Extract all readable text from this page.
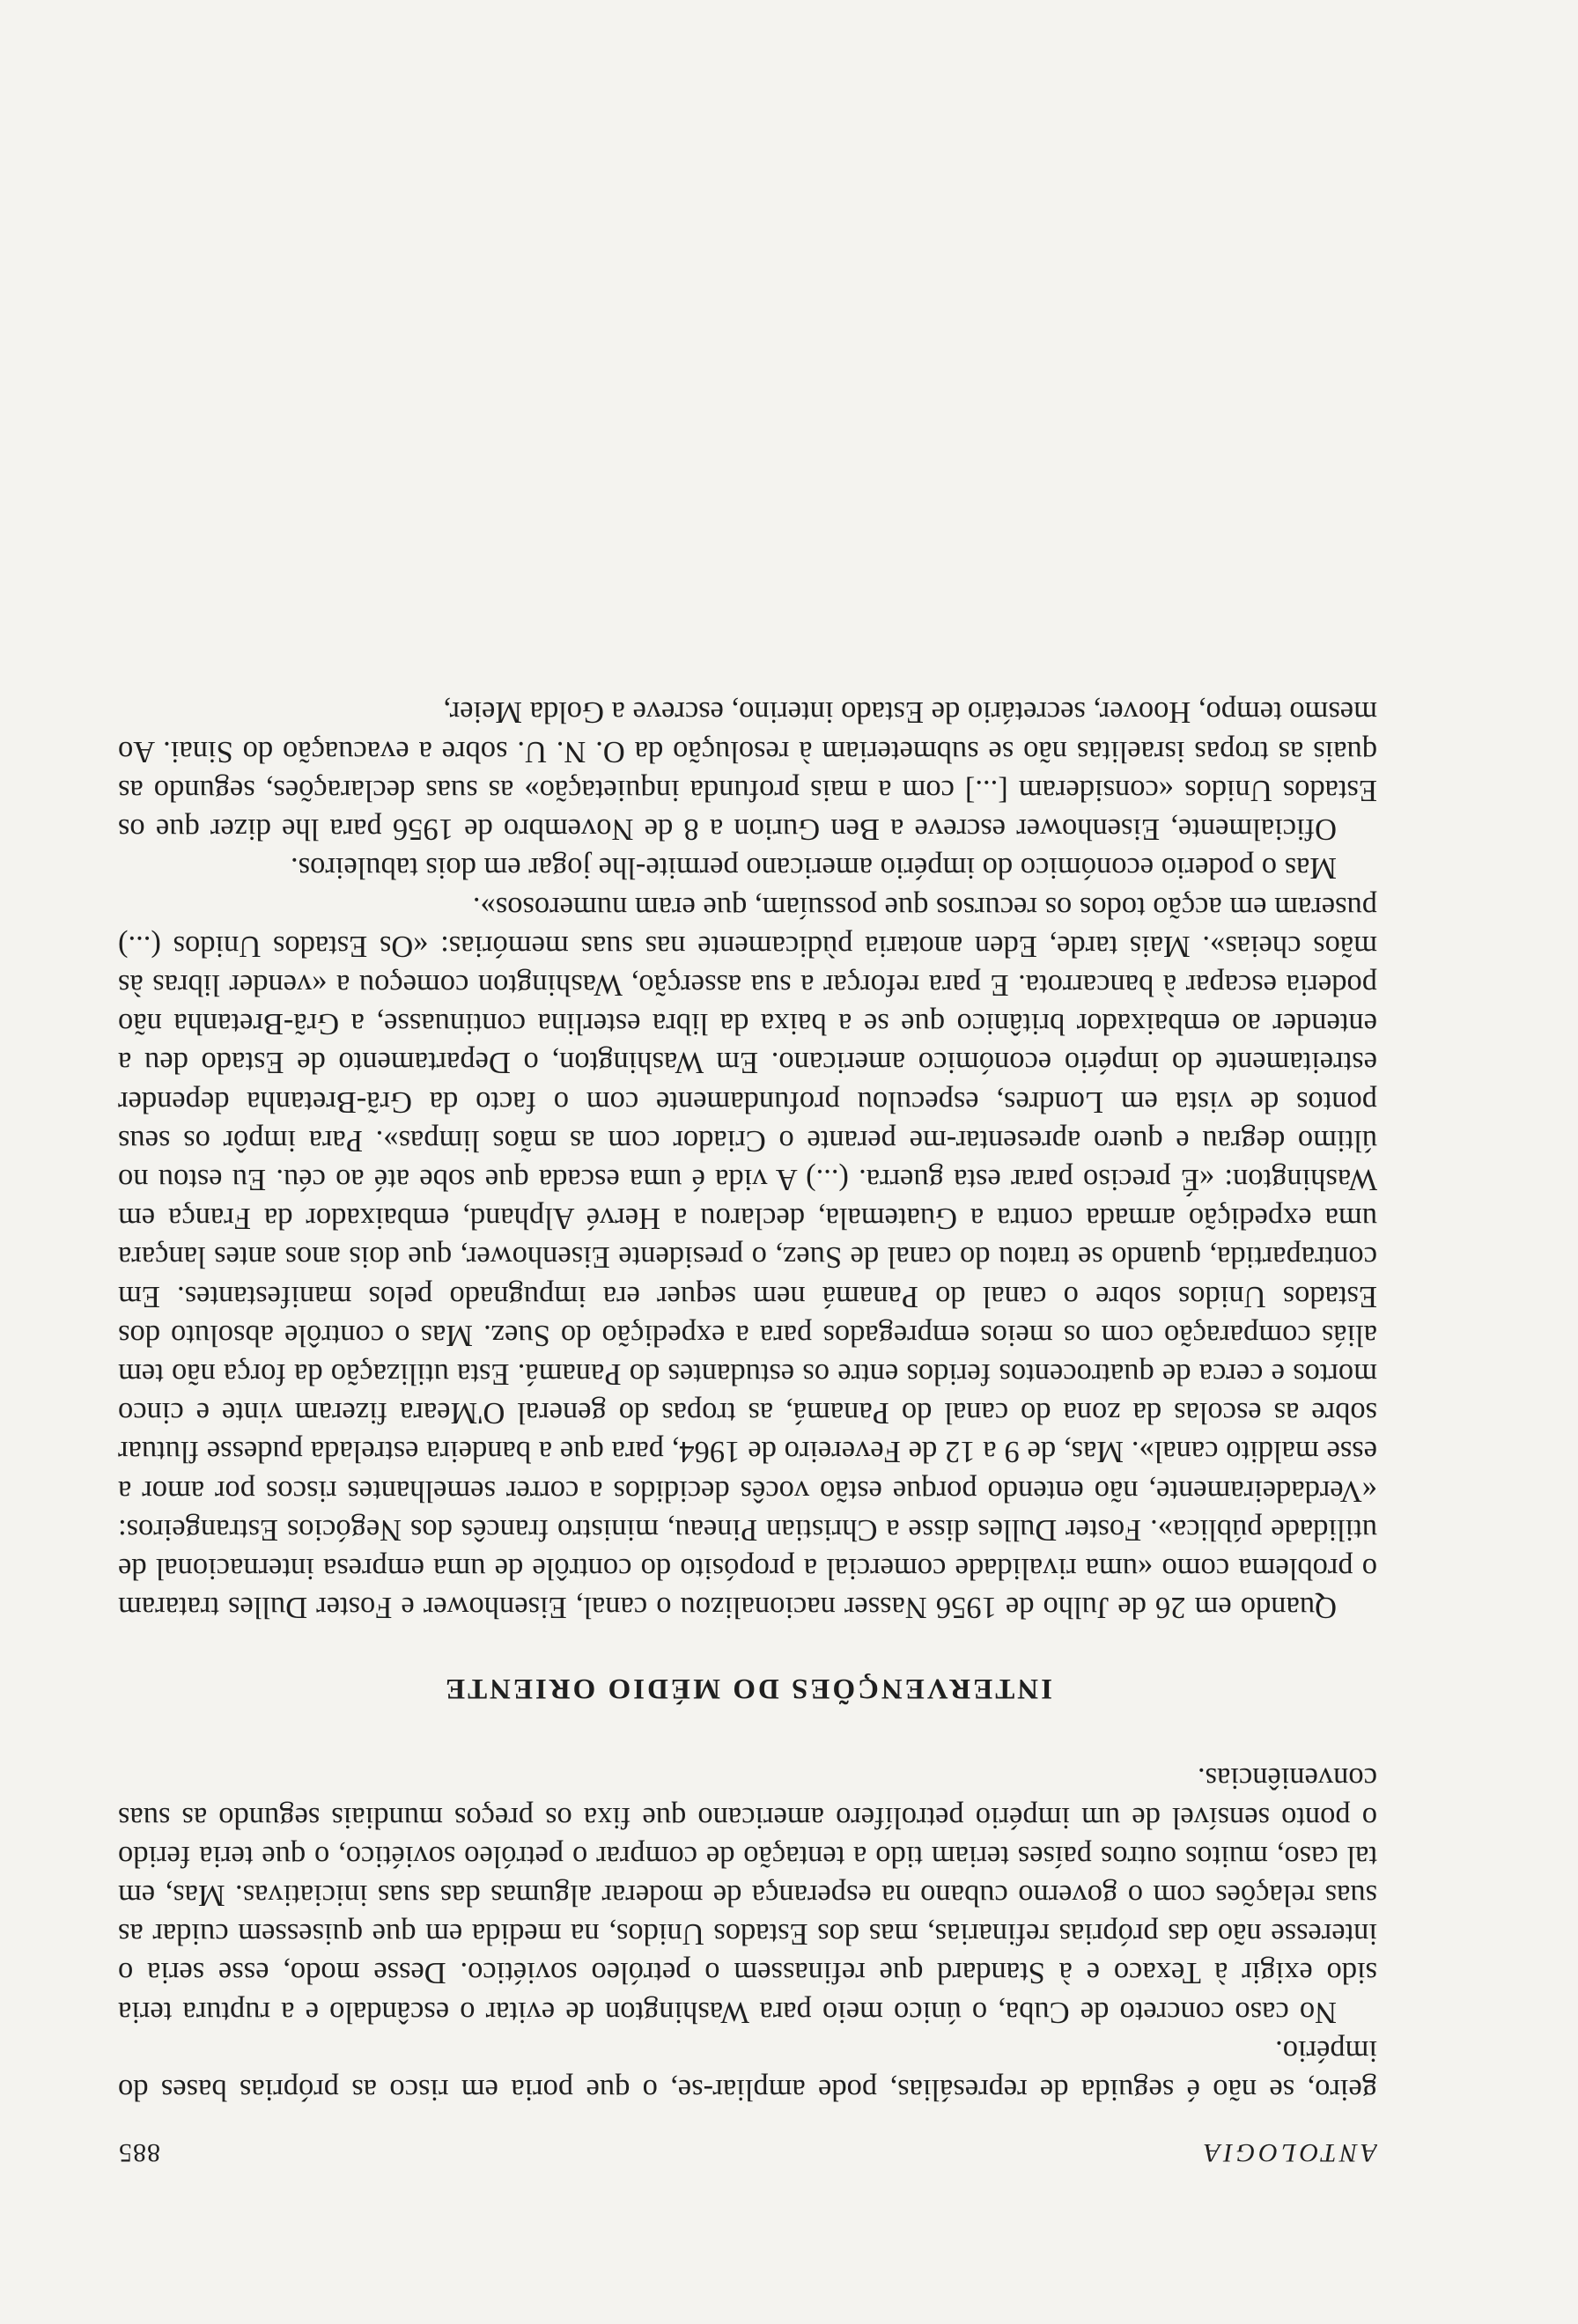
ANTOLOGIA
885

geiro, se não é seguida de represálias, pode ampliar-se, o que poria em risco as próprias bases do império.

No caso concreto de Cuba, o único meio para Washington de evitar o escândalo e a ruptura teria sido exigir à Texaco e à Standard que refinassem o petróleo soviético. Desse modo, esse seria o interesse não das próprias refinarias, mas dos Estados Unidos, na medida em que quisessem cuidar as suas relações com o governo cubano na esperança de moderar algumas das suas iniciativas. Mas, em tal caso, muitos outros países teriam tido a tentação de comprar o petróleo soviético, o que teria ferido o ponto sensível de um império petrolífero americano que fixa os preços mundiais segundo as suas conveniências.

INTERVENÇÕES DO MÉDIO ORIENTE

Quando em 26 de Julho de 1956 Nasser nacionalizou o canal, Eisenhower e Foster Dulles trataram o problema como «uma rivalidade comercial a propósito do contrôle de uma empresa internacional de utilidade pública». Foster Dulles disse a Christian Pineau, ministro francês dos Negócios Estrangeiros: «Verdadeiramente, não entendo porque estão vocês decididos a correr semelhantes riscos por amor a esse maldito canal». Mas, de 9 a 12 de Fevereiro de 1964, para que a bandeira estrelada pudesse flutuar sobre as escolas da zona do canal do Panamá, as tropas do general O'Meara fizeram vinte e cinco mortos e cerca de quatrocentos feridos entre os estudantes do Panamá. Esta utilização da força não tem aliás comparação com os meios empregados para a expedição do Suez. Mas o contrôle absoluto dos Estados Unidos sobre o canal do Panamá nem sequer era impugnado pelos manifestantes. Em contrapartida, quando se tratou do canal de Suez, o presidente Eisenhower, que dois anos antes lançara uma expedição armada contra a Guatemala, declarou a Hervé Alphand, embaixador da França em Washington: «É preciso parar esta guerra. (...) A vida é uma escada que sobe até ao céu. Eu estou no último degrau e quero apresentar-me perante o Criador com as mãos limpas». Para impôr os seus pontos de vista em Londres, especulou profundamente com o facto da Grã-Bretanha depender estreitamente do império económico americano. Em Washington, o Departamento de Estado deu a entender ao embaixador britânico que se a baixa da libra esterlina continuasse, a Grã-Bretanha não poderia escapar à bancarrota. E para reforçar a sua asserção, Washington começou a «vender libras às mãos cheias». Mais tarde, Eden anotaria pùdicamente nas suas memórias: «Os Estados Unidos (...) puseram em acção todos os recursos que possuíam, que eram numerosos».

Mas o poderio económico do império americano permite-lhe jogar em dois tabuleiros.

Oficialmente, Eisenhower escreve a Ben Gurion a 8 de Novembro de 1956 para lhe dizer que os Estados Unidos «consideram [...] com a mais profunda inquietação» as suas declarações, segundo as quais as tropas israelitas não se submeteriam à resolução da O. N. U. sobre a evacuação do Sinai. Ao mesmo tempo, Hoover, secretário de Estado interino, escreve a Golda Meier,
